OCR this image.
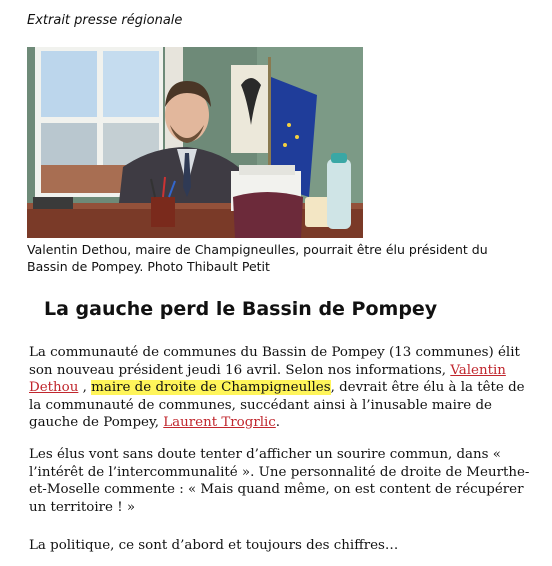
Extrait presse régionale
Valentin Dethou, maire de Champigneulles, pourrait être élu président du Bassin de Pompey. Photo Thibault Petit
La gauche perd le Bassin de Pompey

La communauté de communes du Bassin de Pompey (13 communes) élit son nouveau président jeudi 16 avril. Selon nos informations, Valentin Dethou , maire de droite de Champigneulles, devrait être élu à la tête de la communauté de communes, succédant ainsi à l’inusable maire de gauche de Pompey, Laurent Trogrlic.

Les élus vont sans doute tenter d’afficher un sourire commun, dans « l’intérêt de l’intercommunalité ». Une personnalité de droite de Meurthe-et-Moselle commente : « Mais quand même, on est content de récupérer un territoire ! »

La politique, ce sont d’abord et toujours des chiffres…
